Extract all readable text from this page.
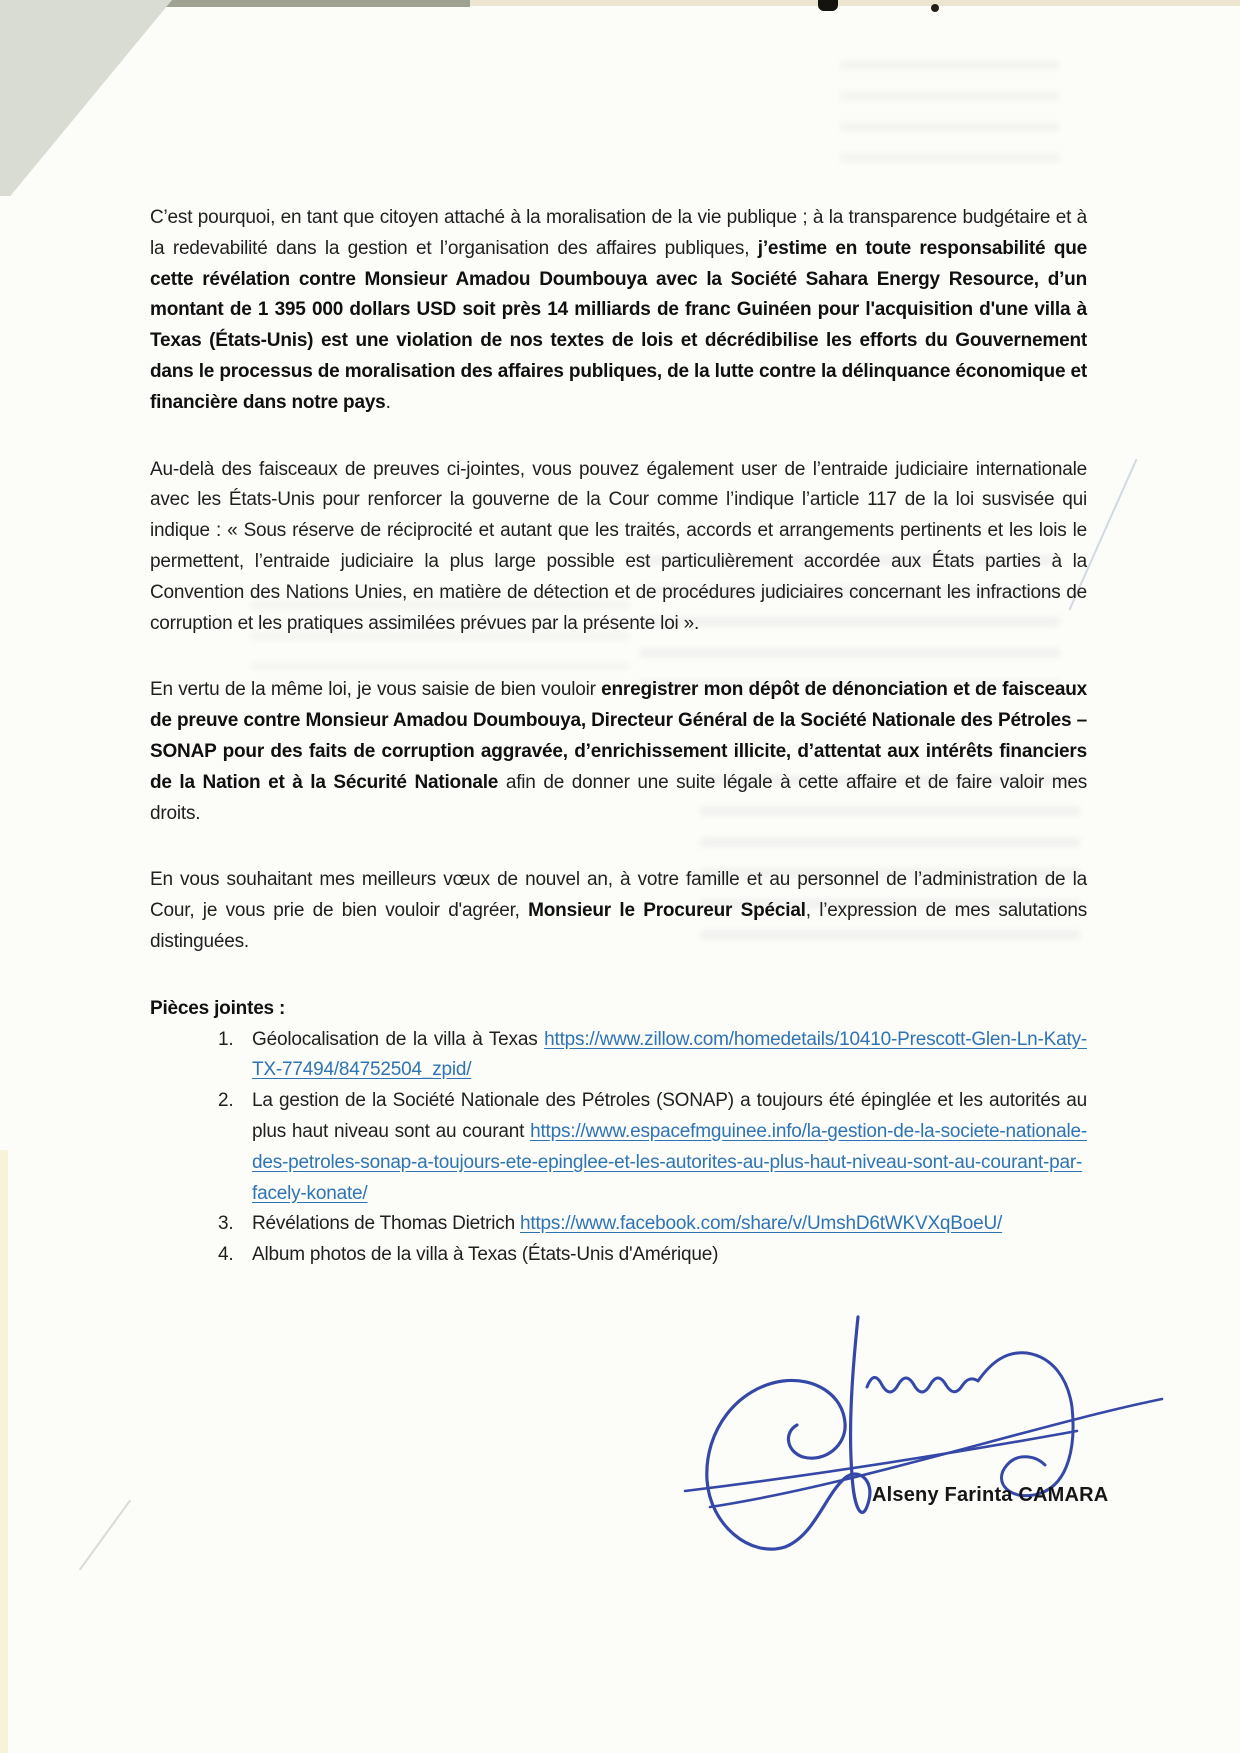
C’est pourquoi, en tant que citoyen attaché à la moralisation de la vie publique ; à la transparence budgétaire et à la redevabilité dans la gestion et l’organisation des affaires publiques, j’estime en toute responsabilité que cette révélation contre Monsieur Amadou Doumbouya avec la Société Sahara Energy Resource, d’un montant de 1 395 000 dollars USD soit près 14 milliards de franc Guinéen pour l'acquisition d'une villa à Texas (États-Unis) est une violation de nos textes de lois et décrédibilise les efforts du Gouvernement dans le processus de moralisation des affaires publiques, de la lutte contre la délinquance économique et financière dans notre pays.

Au-delà des faisceaux de preuves ci-jointes, vous pouvez également user de l’entraide judiciaire internationale avec les États-Unis pour renforcer la gouverne de la Cour comme l’indique l’article 117 de la loi susvisée qui indique : « Sous réserve de réciprocité et autant que les traités, accords et arrangements pertinents et les lois le permettent, l’entraide judiciaire la plus large possible est particulièrement accordée aux États parties à la Convention des Nations Unies, en matière de détection et de procédures judiciaires concernant les infractions de corruption et les pratiques assimilées prévues par la présente loi ».

En vertu de la même loi, je vous saisie de bien vouloir enregistrer mon dépôt de dénonciation et de faisceaux de preuve contre Monsieur Amadou Doumbouya, Directeur Général de la Société Nationale des Pétroles – SONAP pour des faits de corruption aggravée, d’enrichissement illicite, d’attentat aux intérêts financiers de la Nation et à la Sécurité Nationale afin de donner une suite légale à cette affaire et de faire valoir mes droits.

En vous souhaitant mes meilleurs vœux de nouvel an, à votre famille et au personnel de l’administration de la Cour, je vous prie de bien vouloir d'agréer, Monsieur le Procureur Spécial, l’expression de mes salutations distinguées.

Pièces jointes :

1. Géolocalisation de la villa à Texas https://www.zillow.com/homedetails/10410-Prescott-Glen-Ln-Katy-TX-77494/84752504_zpid/
2. La gestion de la Société Nationale des Pétroles (SONAP) a toujours été épinglée et les autorités au plus haut niveau sont au courant https://www.espacefmguinee.info/la-gestion-de-la-societe-nationale-des-petroles-sonap-a-toujours-ete-epinglee-et-les-autorites-au-plus-haut-niveau-sont-au-courant-par-facely-konate/
3. Révélations de Thomas Dietrich https://www.facebook.com/share/v/UmshD6tWKVXqBoeU/
4. Album photos de la villa à Texas (États-Unis d'Amérique)
Alseny Farinta CAMARA
